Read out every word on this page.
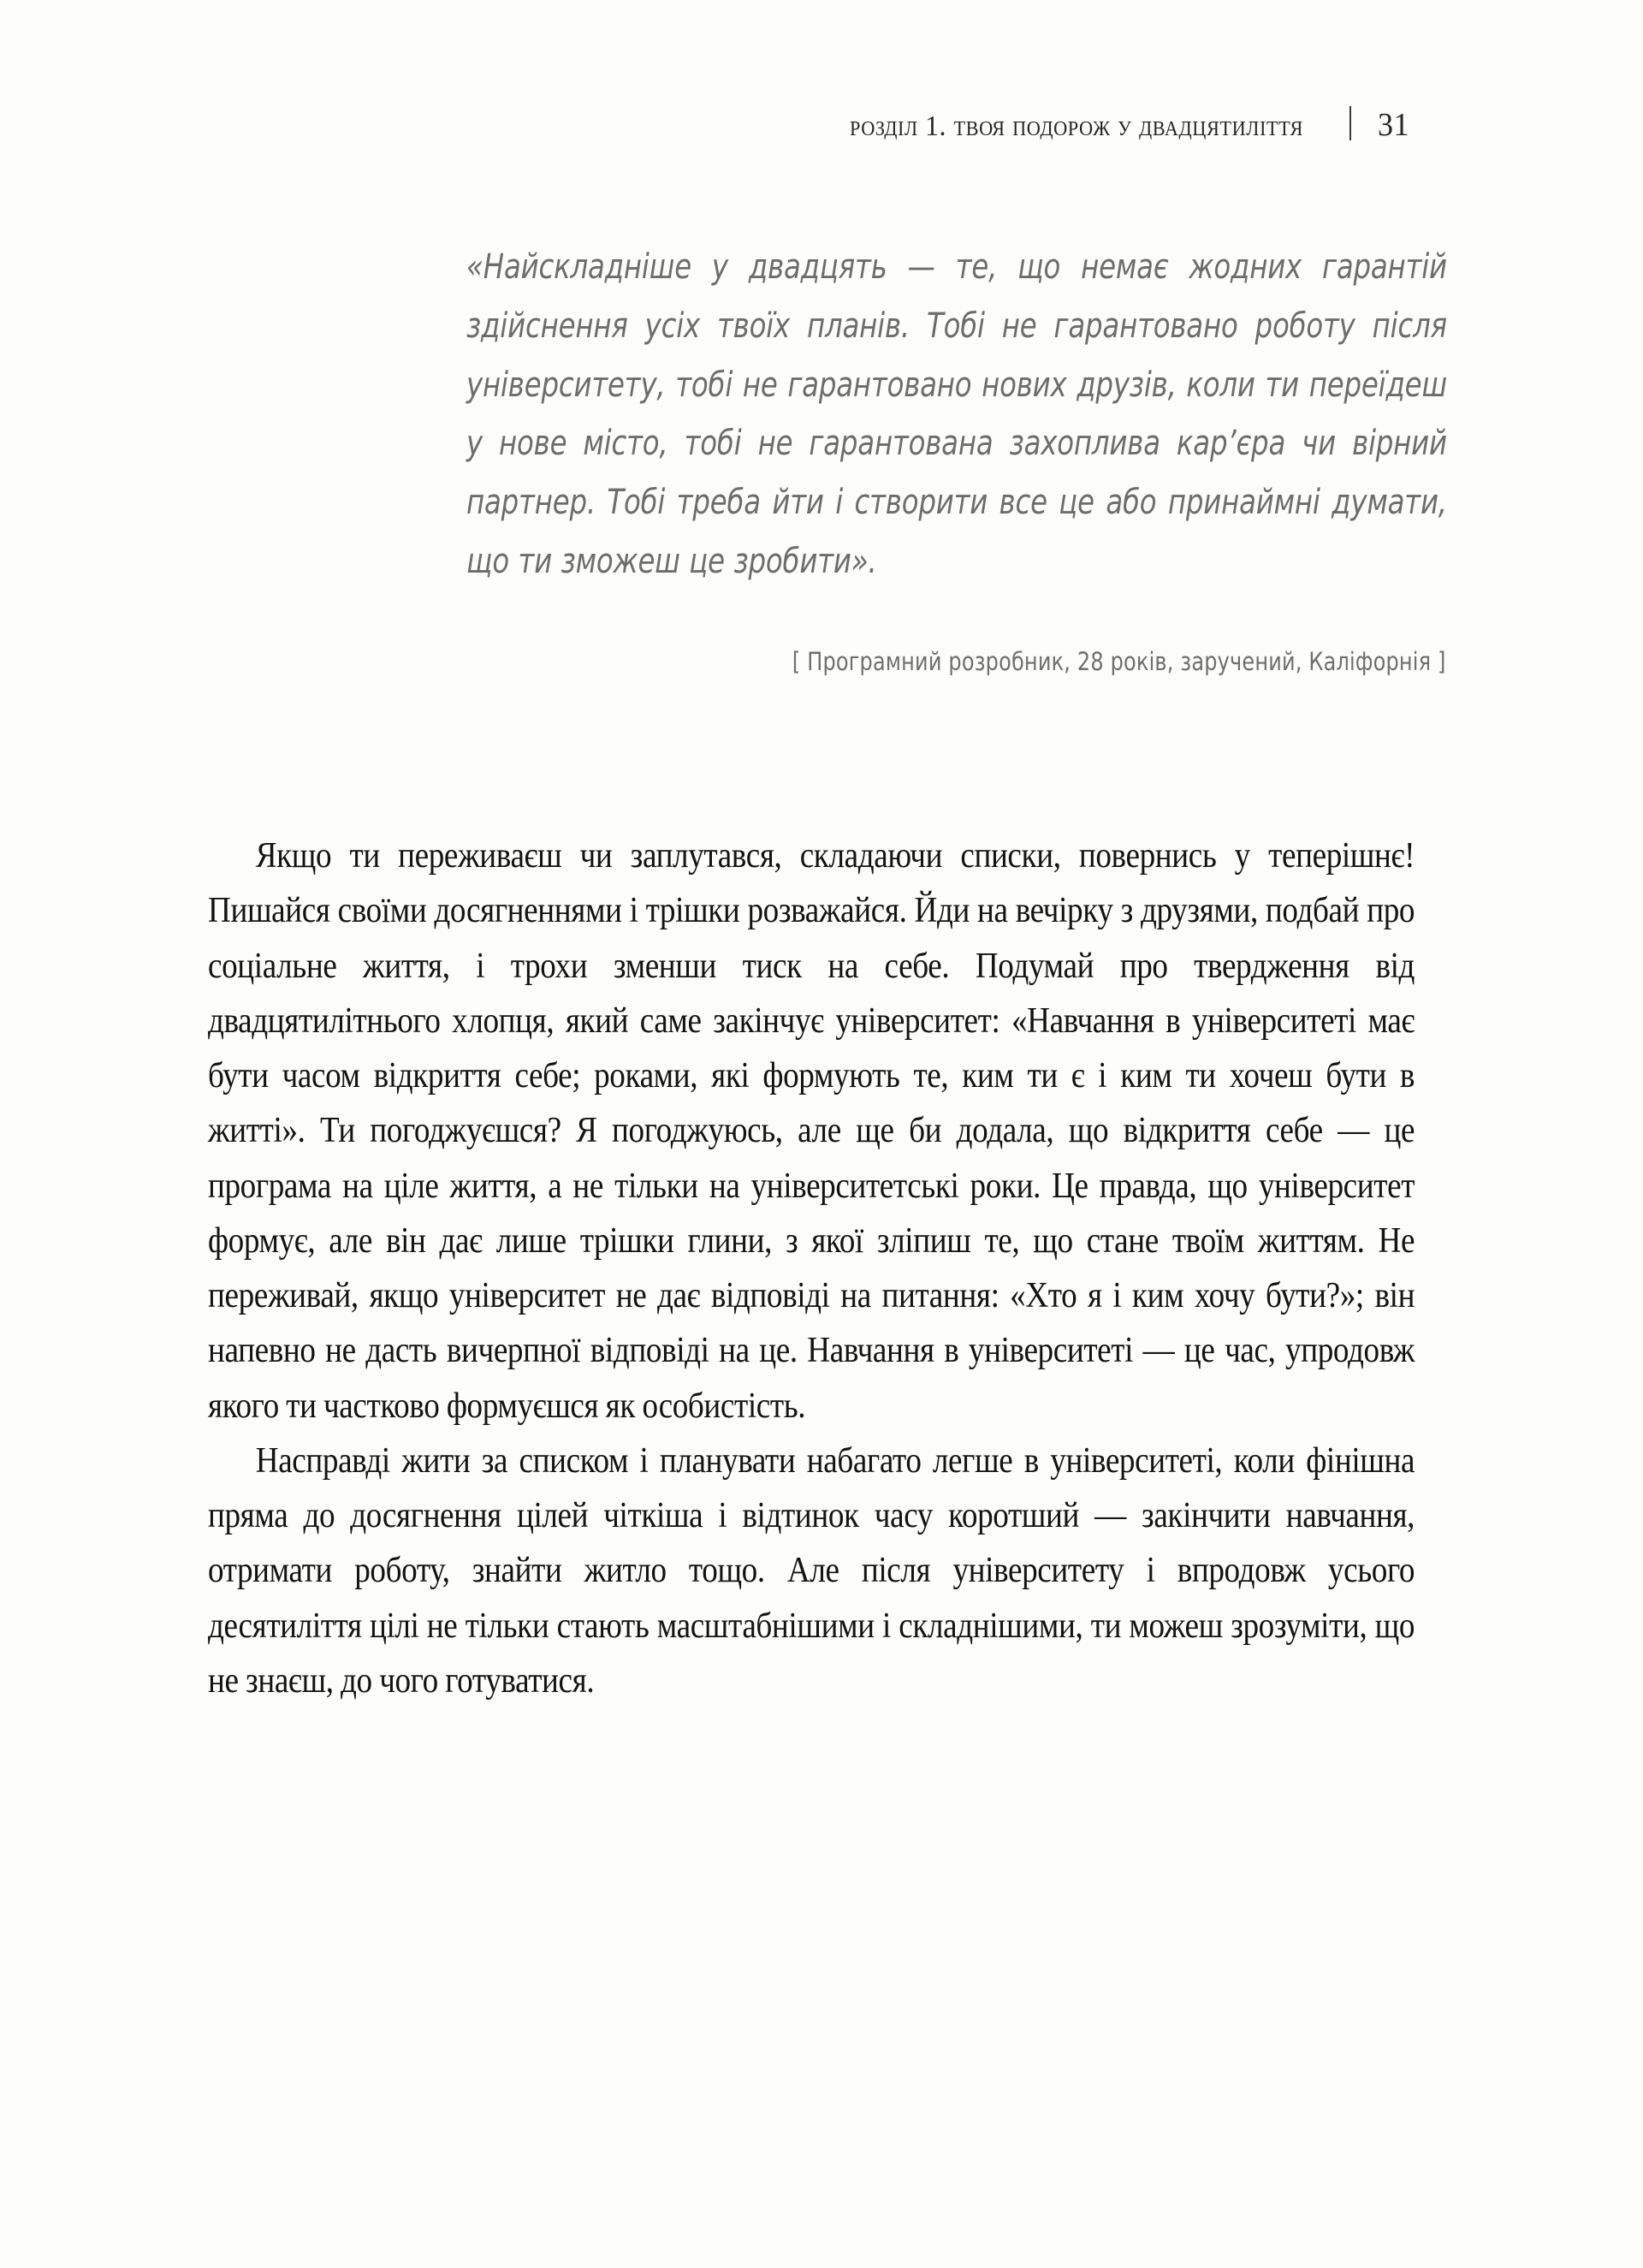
розділ 1. твоя подорож у двадцятиліття 31

«Найскладніше у двадцять — те, що немає жодних гарантій здійснення усіх твоїх планів. Тобі не гарантовано роботу після університету, тобі не гарантовано нових друзів, коли ти переїдеш у нове місто, тобі не гарантована захоплива кар’єра чи вірний партнер. Тобі треба йти і створити все це або принаймні думати, що ти зможеш це зробити».

[ Програмний розробник, 28 років, заручений, Каліфорнія ]

Якщо ти переживаєш чи заплутався, складаючи списки, повернись у теперішнє! Пишайся своїми досягненнями і трішки розважайся. Йди на вечірку з друзями, подбай про соціальне життя, і трохи зменши тиск на себе. Подумай про твердження від двадцятилітнього хлопця, який саме закінчує університет: «Навчання в університеті має бути часом відкриття себе; роками, які формують те, ким ти є і ким ти хочеш бути в житті». Ти погоджуєшся? Я погоджуюсь, але ще би додала, що відкриття себе — це програма на ціле життя, а не тільки на університетські роки. Це правда, що університет формує, але він дає лише трішки глини, з якої зліпиш те, що стане твоїм життям. Не переживай, якщо університет не дає відповіді на питання: «Хто я і ким хочу бути?»; він напевно не дасть вичерпної відповіді на це. Навчання в університеті — це час, упродовж якого ти частково формуєшся як особистість.

Насправді жити за списком і планувати набагато легше в університеті, коли фінішна пряма до досягнення цілей чіткіша і відтинок часу коротший — закінчити навчання, отримати роботу, знайти житло тощо. Але після університету і впродовж усього десятиліття цілі не тільки стають масштабнішими і складнішими, ти можеш зрозуміти, що не знаєш, до чого готуватися.
